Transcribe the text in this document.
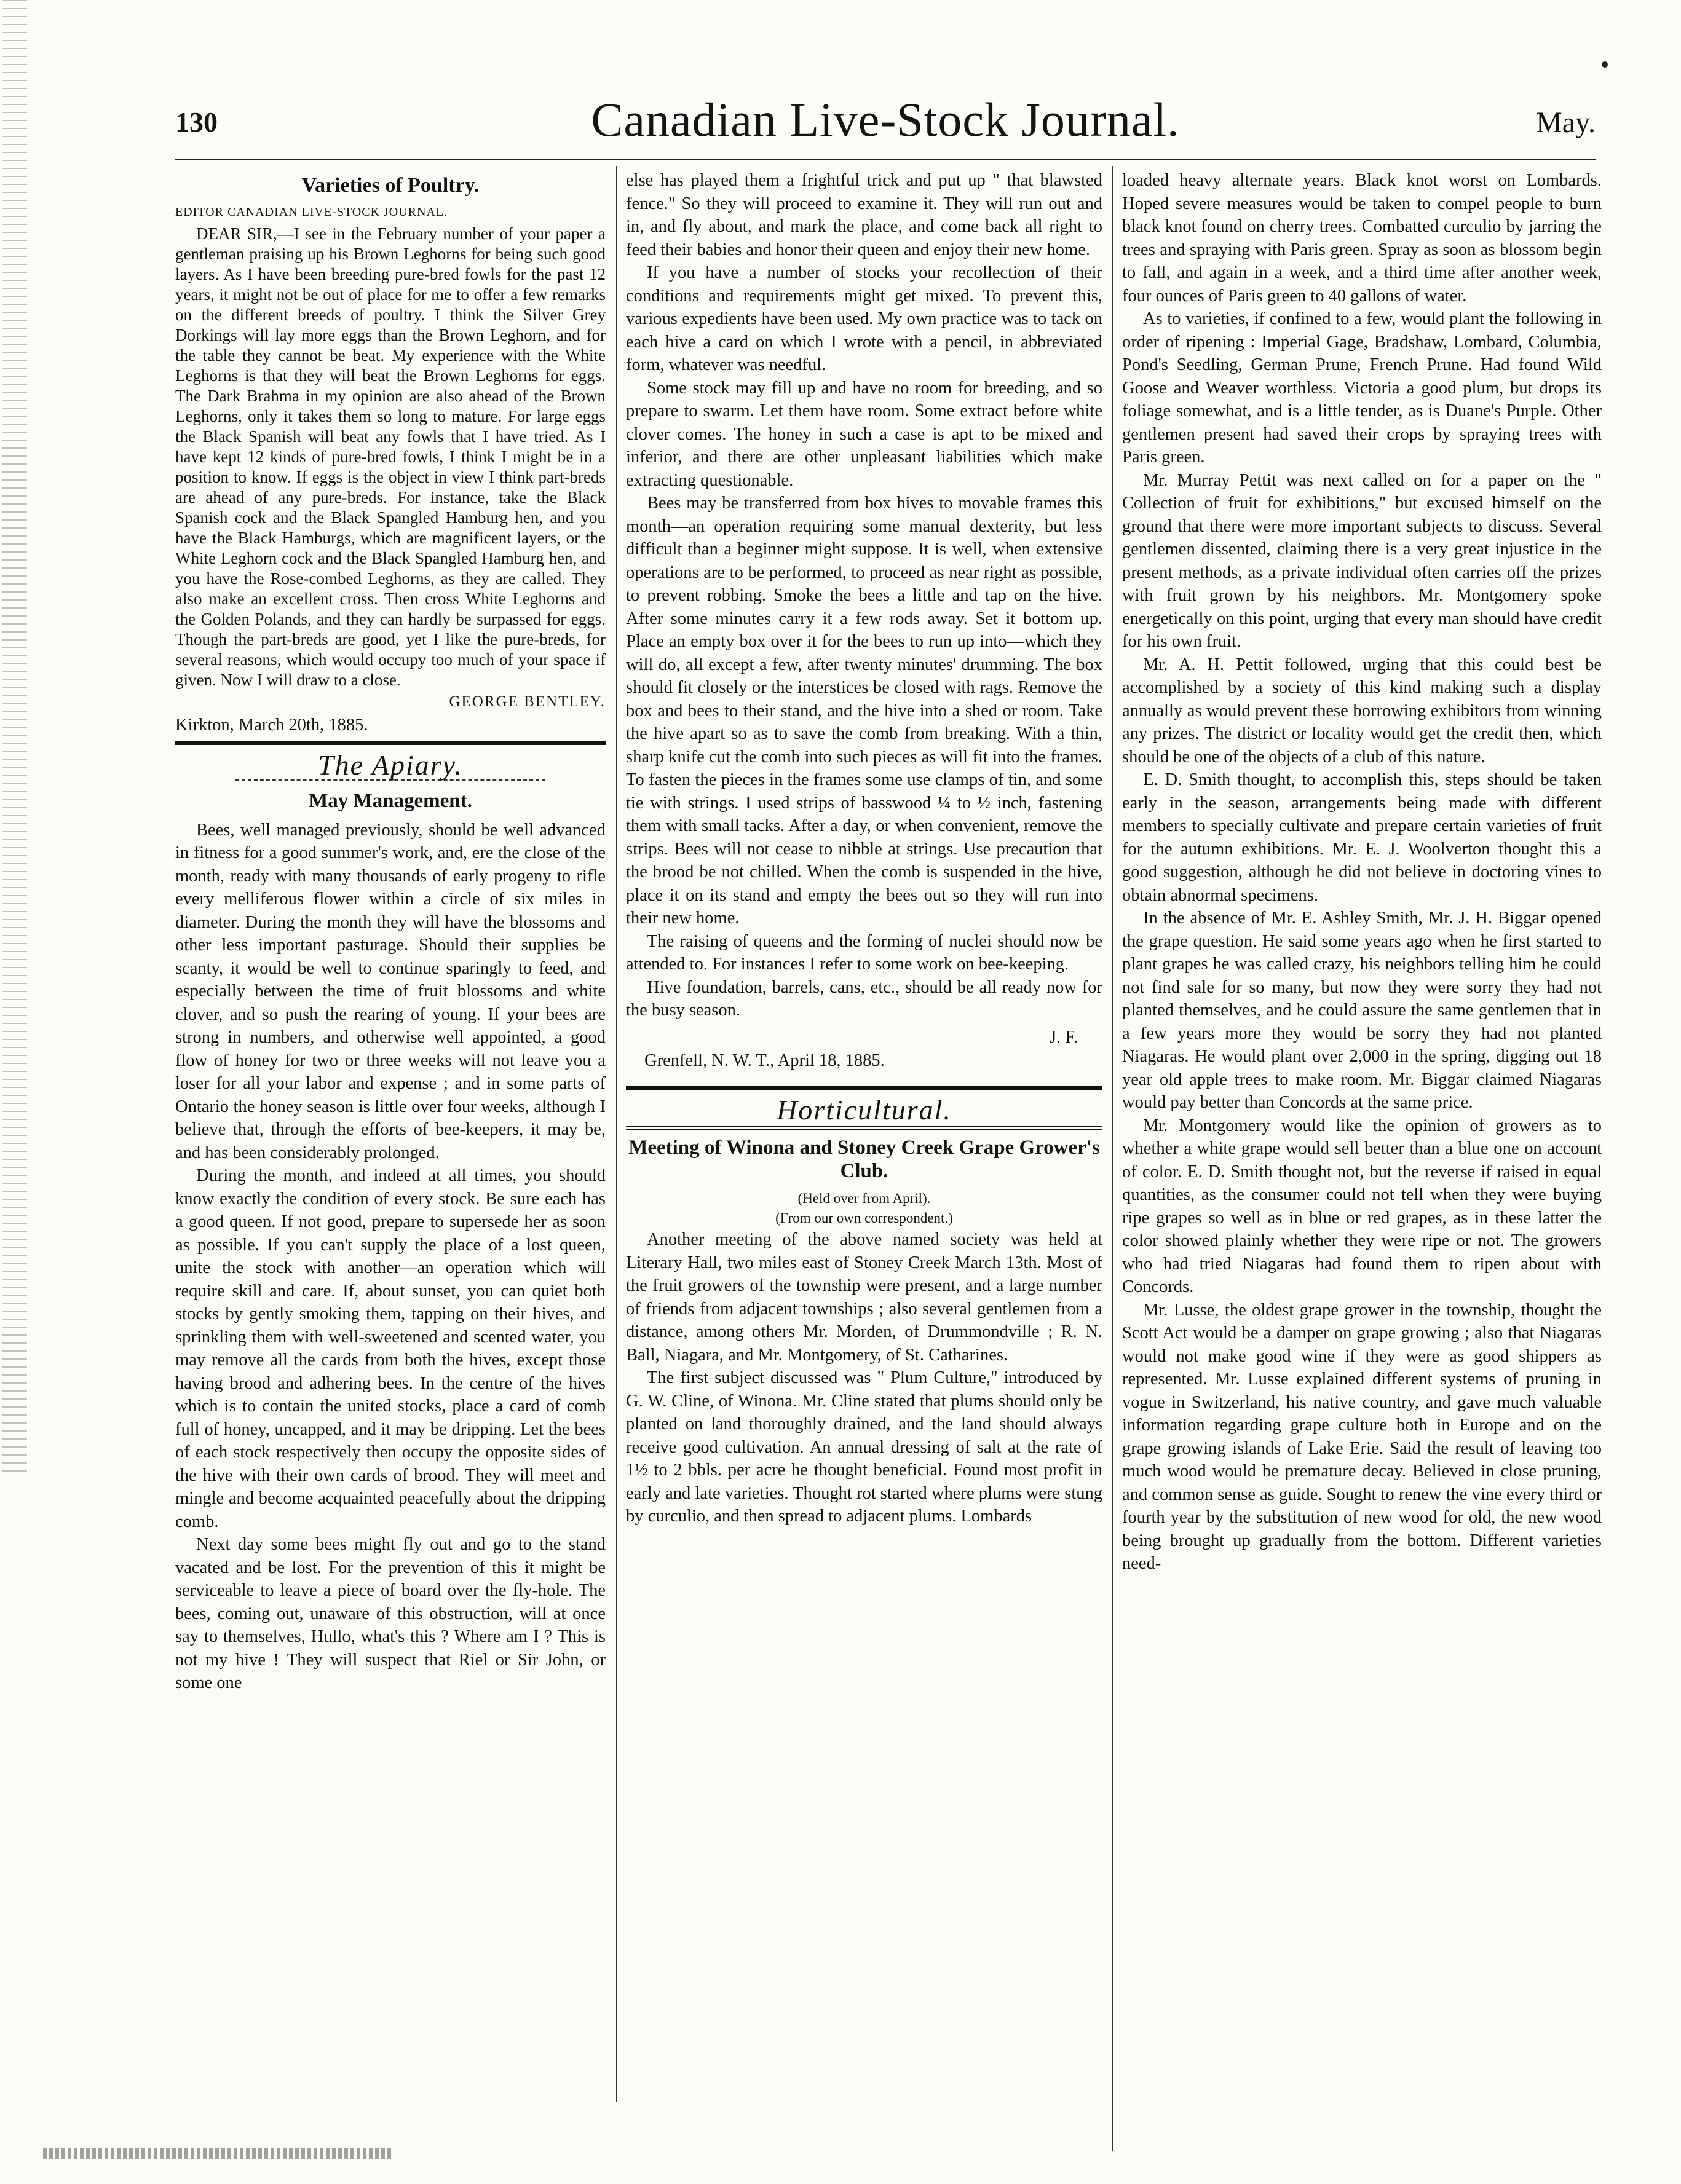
130	Canadian Live-Stock Journal.	May.
Varieties of Poultry.

EDITOR CANADIAN LIVE-STOCK JOURNAL.

DEAR SIR,—I see in the February number of your paper a gentleman praising up his Brown Leghorns for being such good layers. As I have been breeding pure-bred fowls for the past 12 years, it might not be out of place for me to offer a few remarks on the different breeds of poultry. I think the Silver Grey Dorkings will lay more eggs than the Brown Leghorn, and for the table they cannot be beat. My experience with the White Leghorns is that they will beat the Brown Leghorns for eggs. The Dark Brahma in my opinion are also ahead of the Brown Leghorns, only it takes them so long to mature. For large eggs the Black Spanish will beat any fowls that I have tried. As I have kept 12 kinds of pure-bred fowls, I think I might be in a position to know. If eggs is the object in view I think part-breds are ahead of any pure-breds. For instance, take the Black Spanish cock and the Black Spangled Hamburg hen, and you have the Black Hamburgs, which are magnificent layers, or the White Leghorn cock and the Black Spangled Hamburg hen, and you have the Rose-combed Leghorns, as they are called. They also make an excellent cross. Then cross White Leghorns and the Golden Polands, and they can hardly be surpassed for eggs. Though the part-breds are good, yet I like the pure-breds, for several reasons, which would occupy too much of your space if given. Now I will draw to a close.

GEORGE BENTLEY.

Kirkton, March 20th, 1885.

The Apiary.
May Management.

Bees, well managed previously, should be well advanced in fitness for a good summer's work, and, ere the close of the month, ready with many thousands of early progeny to rifle every melliferous flower within a circle of six miles in diameter. During the month they will have the blossoms and other less important pasturage. Should their supplies be scanty, it would be well to continue sparingly to feed, and especially between the time of fruit blossoms and white clover, and so push the rearing of young. If your bees are strong in numbers, and otherwise well appointed, a good flow of honey for two or three weeks will not leave you a loser for all your labor and expense ; and in some parts of Ontario the honey season is little over four weeks, although I believe that, through the efforts of bee-keepers, it may be, and has been considerably prolonged.

During the month, and indeed at all times, you should know exactly the condition of every stock. Be sure each has a good queen. If not good, prepare to supersede her as soon as possible. If you can't supply the place of a lost queen, unite the stock with another—an operation which will require skill and care. If, about sunset, you can quiet both stocks by gently smoking them, tapping on their hives, and sprinkling them with well-sweetened and scented water, you may remove all the cards from both the hives, except those having brood and adhering bees. In the centre of the hives which is to contain the united stocks, place a card of comb full of honey, uncapped, and it may be dripping. Let the bees of each stock respectively then occupy the opposite sides of the hive with their own cards of brood. They will meet and mingle and become acquainted peacefully about the dripping comb.

Next day some bees might fly out and go to the stand vacated and be lost. For the prevention of this it might be serviceable to leave a piece of board over the fly-hole. The bees, coming out, unaware of this obstruction, will at once say to themselves, Hullo, what's this ? Where am I ? This is not my hive ! They will suspect that Riel or Sir John, or some one

else has played them a frightful trick and put up " that blawsted fence." So they will proceed to examine it. They will run out and in, and fly about, and mark the place, and come back all right to feed their babies and honor their queen and enjoy their new home.

If you have a number of stocks your recollection of their conditions and requirements might get mixed. To prevent this, various expedients have been used. My own practice was to tack on each hive a card on which I wrote with a pencil, in abbreviated form, whatever was needful.

Some stock may fill up and have no room for breeding, and so prepare to swarm. Let them have room. Some extract before white clover comes. The honey in such a case is apt to be mixed and inferior, and there are other unpleasant liabilities which make extracting questionable.

Bees may be transferred from box hives to movable frames this month—an operation requiring some manual dexterity, but less difficult than a beginner might suppose. It is well, when extensive operations are to be performed, to proceed as near right as possible, to prevent robbing. Smoke the bees a little and tap on the hive. After some minutes carry it a few rods away. Set it bottom up. Place an empty box over it for the bees to run up into—which they will do, all except a few, after twenty minutes' drumming. The box should fit closely or the interstices be closed with rags. Remove the box and bees to their stand, and the hive into a shed or room. Take the hive apart so as to save the comb from breaking. With a thin, sharp knife cut the comb into such pieces as will fit into the frames. To fasten the pieces in the frames some use clamps of tin, and some tie with strings. I used strips of basswood ¼ to ½ inch, fastening them with small tacks. After a day, or when convenient, remove the strips. Bees will not cease to nibble at strings. Use precaution that the brood be not chilled. When the comb is suspended in the hive, place it on its stand and empty the bees out so they will run into their new home.

The raising of queens and the forming of nuclei should now be attended to. For instances I refer to some work on bee-keeping.

Hive foundation, barrels, cans, etc., should be all ready now for the busy season.

J. F.
Grenfell, N. W. T., April 18, 1885.
Horticultural.
Meeting of Winona and Stoney Creek Grape Grower's Club.

(Held over from April).

(From our own correspondent.)

Another meeting of the above named society was held at Literary Hall, two miles east of Stoney Creek March 13th. Most of the fruit growers of the township were present, and a large number of friends from adjacent townships ; also several gentlemen from a distance, among others Mr. Morden, of Drummondville ; R. N. Ball, Niagara, and Mr. Montgomery, of St. Catharines.

The first subject discussed was " Plum Culture," introduced by G. W. Cline, of Winona. Mr. Cline stated that plums should only be planted on land thoroughly drained, and the land should always receive good cultivation. An annual dressing of salt at the rate of 1½ to 2 bbls. per acre he thought beneficial. Found most profit in early and late varieties. Thought rot started where plums were stung by curculio, and then spread to adjacent plums. Lombards

loaded heavy alternate years. Black knot worst on Lombards. Hoped severe measures would be taken to compel people to burn black knot found on cherry trees. Combatted curculio by jarring the trees and spraying with Paris green. Spray as soon as blossom begin to fall, and again in a week, and a third time after another week, four ounces of Paris green to 40 gallons of water.

As to varieties, if confined to a few, would plant the following in order of ripening : Imperial Gage, Bradshaw, Lombard, Columbia, Pond's Seedling, German Prune, French Prune. Had found Wild Goose and Weaver worthless. Victoria a good plum, but drops its foliage somewhat, and is a little tender, as is Duane's Purple. Other gentlemen present had saved their crops by spraying trees with Paris green.

Mr. Murray Pettit was next called on for a paper on the " Collection of fruit for exhibitions," but excused himself on the ground that there were more important subjects to discuss. Several gentlemen dissented, claiming there is a very great injustice in the present methods, as a private individual often carries off the prizes with fruit grown by his neighbors. Mr. Montgomery spoke energetically on this point, urging that every man should have credit for his own fruit.

Mr. A. H. Pettit followed, urging that this could best be accomplished by a society of this kind making such a display annually as would prevent these borrowing exhibitors from winning any prizes. The district or locality would get the credit then, which should be one of the objects of a club of this nature.

E. D. Smith thought, to accomplish this, steps should be taken early in the season, arrangements being made with different members to specially cultivate and prepare certain varieties of fruit for the autumn exhibitions. Mr. E. J. Woolverton thought this a good suggestion, although he did not believe in doctoring vines to obtain abnormal specimens.

In the absence of Mr. E. Ashley Smith, Mr. J. H. Biggar opened the grape question. He said some years ago when he first started to plant grapes he was called crazy, his neighbors telling him he could not find sale for so many, but now they were sorry they had not planted themselves, and he could assure the same gentlemen that in a few years more they would be sorry they had not planted Niagaras. He would plant over 2,000 in the spring, digging out 18 year old apple trees to make room. Mr. Biggar claimed Niagaras would pay better than Concords at the same price.

Mr. Montgomery would like the opinion of growers as to whether a white grape would sell better than a blue one on account of color. E. D. Smith thought not, but the reverse if raised in equal quantities, as the consumer could not tell when they were buying ripe grapes so well as in blue or red grapes, as in these latter the color showed plainly whether they were ripe or not. The growers who had tried Niagaras had found them to ripen about with Concords.

Mr. Lusse, the oldest grape grower in the township, thought the Scott Act would be a damper on grape growing ; also that Niagaras would not make good wine if they were as good shippers as represented. Mr. Lusse explained different systems of pruning in vogue in Switzerland, his native country, and gave much valuable information regarding grape culture both in Europe and on the grape growing islands of Lake Erie. Said the result of leaving too much wood would be premature decay. Believed in close pruning, and common sense as guide. Sought to renew the vine every third or fourth year by the substitution of new wood for old, the new wood being brought up gradually from the bottom. Different varieties need-
